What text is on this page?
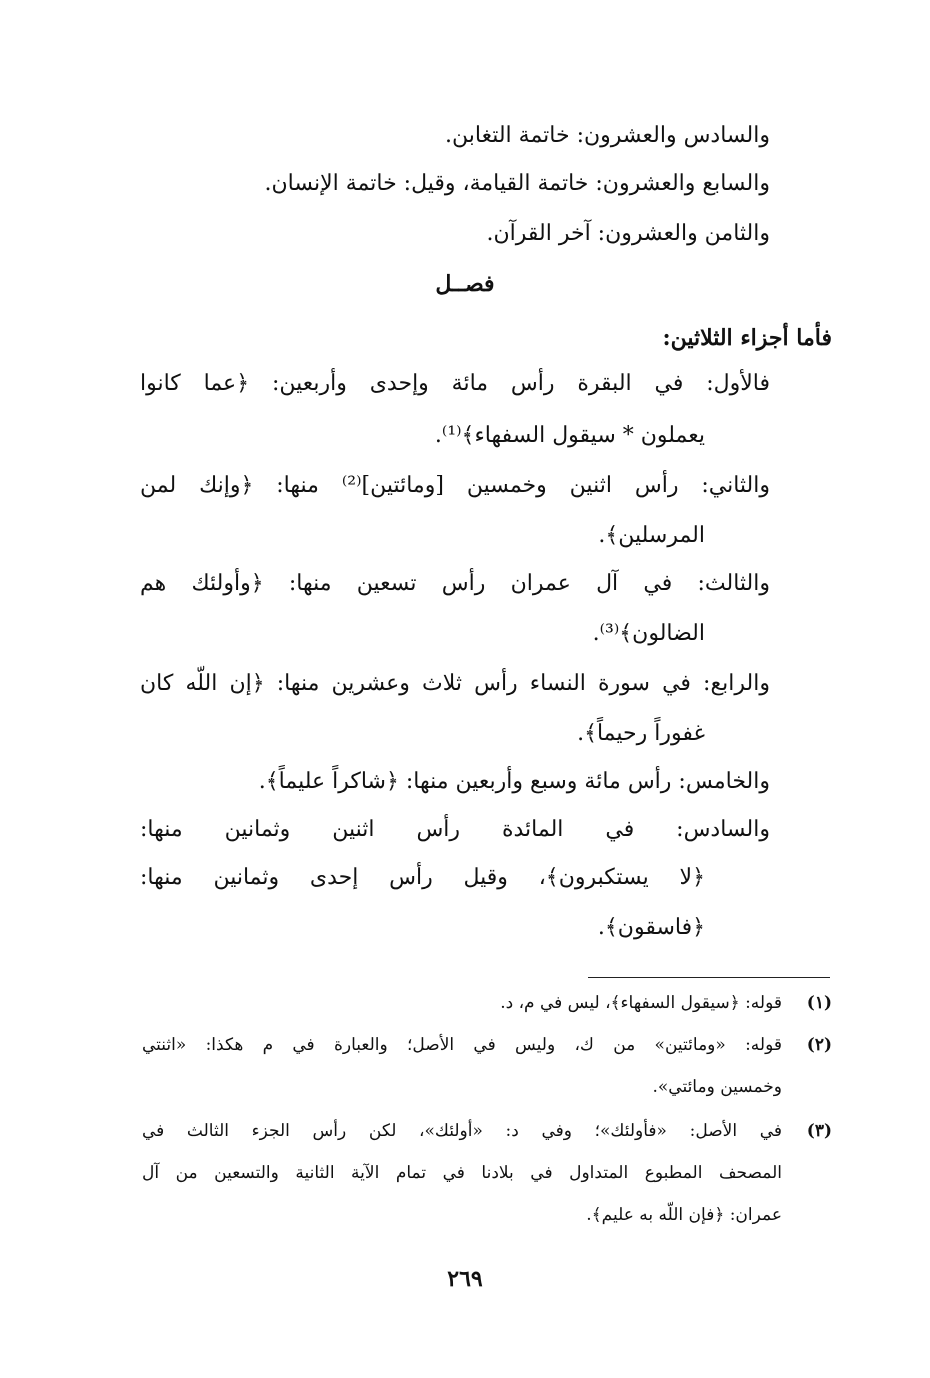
والسادس والعشرون: خاتمة التغابن.
والسابع والعشرون: خاتمة القيامة، وقيل: خاتمة الإنسان.
والثامن والعشرون: آخر القرآن.
فصــل
فأما أجزاء الثلاثين:
فالأول: في البقرة رأس مائة وإحدى وأربعين: ﴿عما كانوا
يعملون * سيقول السفهاء﴾⁽¹⁾.
والثاني: رأس اثنين وخمسين [ومائتين]⁽²⁾ منها: ﴿وإنك لمن
المرسلين﴾.
والثالث: في آل عمران رأس تسعين منها: ﴿وأولئك هم
الضالون﴾⁽³⁾.
والرابع: في سورة النساء رأس ثلاث وعشرين منها: ﴿إن اللّه كان
غفوراً رحيماً﴾.
والخامس: رأس مائة وسبع وأربعين منها: ﴿شاكراً عليماً﴾.
والسادس: في المائدة رأس اثنين وثمانين منها:
﴿لا يستكبرون﴾، وقيل رأس إحدى وثمانين منها:
﴿فاسقون﴾.
(١)
قوله: ﴿سيقول السفهاء﴾، ليس في م، د.
(٢)
قوله: «ومائتين» من ك، وليس في الأصل؛ والعبارة في م هكذا: «اثنتي
وخمسين ومائتي».
(٣)
في الأصل: «فأولئك»؛ وفي د: «أولئك»، لكن رأس الجزء الثالث في
المصحف المطبوع المتداول في بلادنا في تمام الآية الثانية والتسعين من آل
عمران: ﴿فإن اللّه به عليم﴾.
٢٦٩
